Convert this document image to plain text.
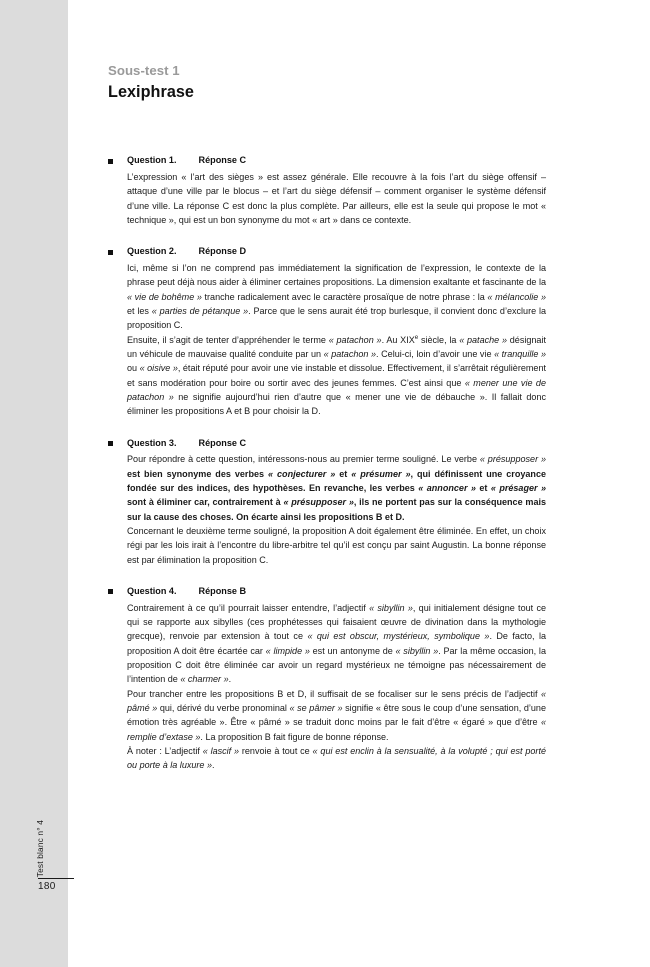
Test blanc n° 4
180
Sous-test 1
Lexiphrase
Question 1. Réponse C

L’expression « l’art des sièges » est assez générale. Elle recouvre à la fois l’art du siège offensif – attaque d’une ville par le blocus – et l’art du siège défensif – comment organiser le système défensif d’une ville. La réponse C est donc la plus complète. Par ailleurs, elle est la seule qui propose le mot « technique », qui est un bon synonyme du mot « art » dans ce contexte.

Question 2. Réponse D

Ici, même si l’on ne comprend pas immédiatement la signification de l’expression, le contexte de la phrase peut déjà nous aider à éliminer certaines propositions. La dimension exaltante et fascinante de la « vie de bohême » tranche radicalement avec le caractère prosaïque de notre phrase : la « mélancolie » et les « parties de pétanque ». Parce que le sens aurait été trop burlesque, il convient donc d’exclure la proposition C.

Ensuite, il s’agit de tenter d’appréhender le terme « patachon ». Au XIXe siècle, la « patache » désignait un véhicule de mauvaise qualité conduite par un « patachon ». Celui-ci, loin d’avoir une vie « tranquille » ou « oisive », était réputé pour avoir une vie instable et dissolue. Effectivement, il s’arrêtait régulièrement et sans modération pour boire ou sortir avec des jeunes femmes. C’est ainsi que « mener une vie de patachon » ne signifie aujourd’hui rien d’autre que « mener une vie de débauche ». Il fallait donc éliminer les propositions A et B pour choisir la D.

Question 3. Réponse C

Pour répondre à cette question, intéressons-nous au premier terme souligné. Le verbe « présupposer » est bien synonyme des verbes « conjecturer » et « présumer », qui définissent une croyance fondée sur des indices, des hypothèses. En revanche, les verbes « annoncer » et « présager » sont à éliminer car, contrairement à « présupposer », ils ne portent pas sur la conséquence mais sur la cause des choses. On écarte ainsi les propositions B et D.

Concernant le deuxième terme souligné, la proposition A doit également être éliminée. En effet, un choix régi par les lois irait à l’encontre du libre-arbitre tel qu’il est conçu par saint Augustin. La bonne réponse est par élimination la proposition C.

Question 4. Réponse B

Contrairement à ce qu’il pourrait laisser entendre, l’adjectif « sibyllin », qui initialement désigne tout ce qui se rapporte aux sibylles (ces prophétesses qui faisaient œuvre de divination dans la mythologie grecque), renvoie par extension à tout ce « qui est obscur, mystérieux, symbolique ». De facto, la proposition A doit être écartée car « limpide » est un antonyme de « sibyllin ». Par la même occasion, la proposition C doit être éliminée car avoir un regard mystérieux ne témoigne pas nécessairement de l’intention de « charmer ».

Pour trancher entre les propositions B et D, il suffisait de se focaliser sur le sens précis de l’adjectif « pâmé » qui, dérivé du verbe pronominal « se pâmer » signifie « être sous le coup d’une sensation, d’une émotion très agréable ». Être « pâmé » se traduit donc moins par le fait d’être « égaré » que d’être « remplie d’extase ». La proposition B fait figure de bonne réponse.

À noter : L’adjectif « lascif » renvoie à tout ce « qui est enclin à la sensualité, à la volupté ; qui est porté ou porte à la luxure ».
